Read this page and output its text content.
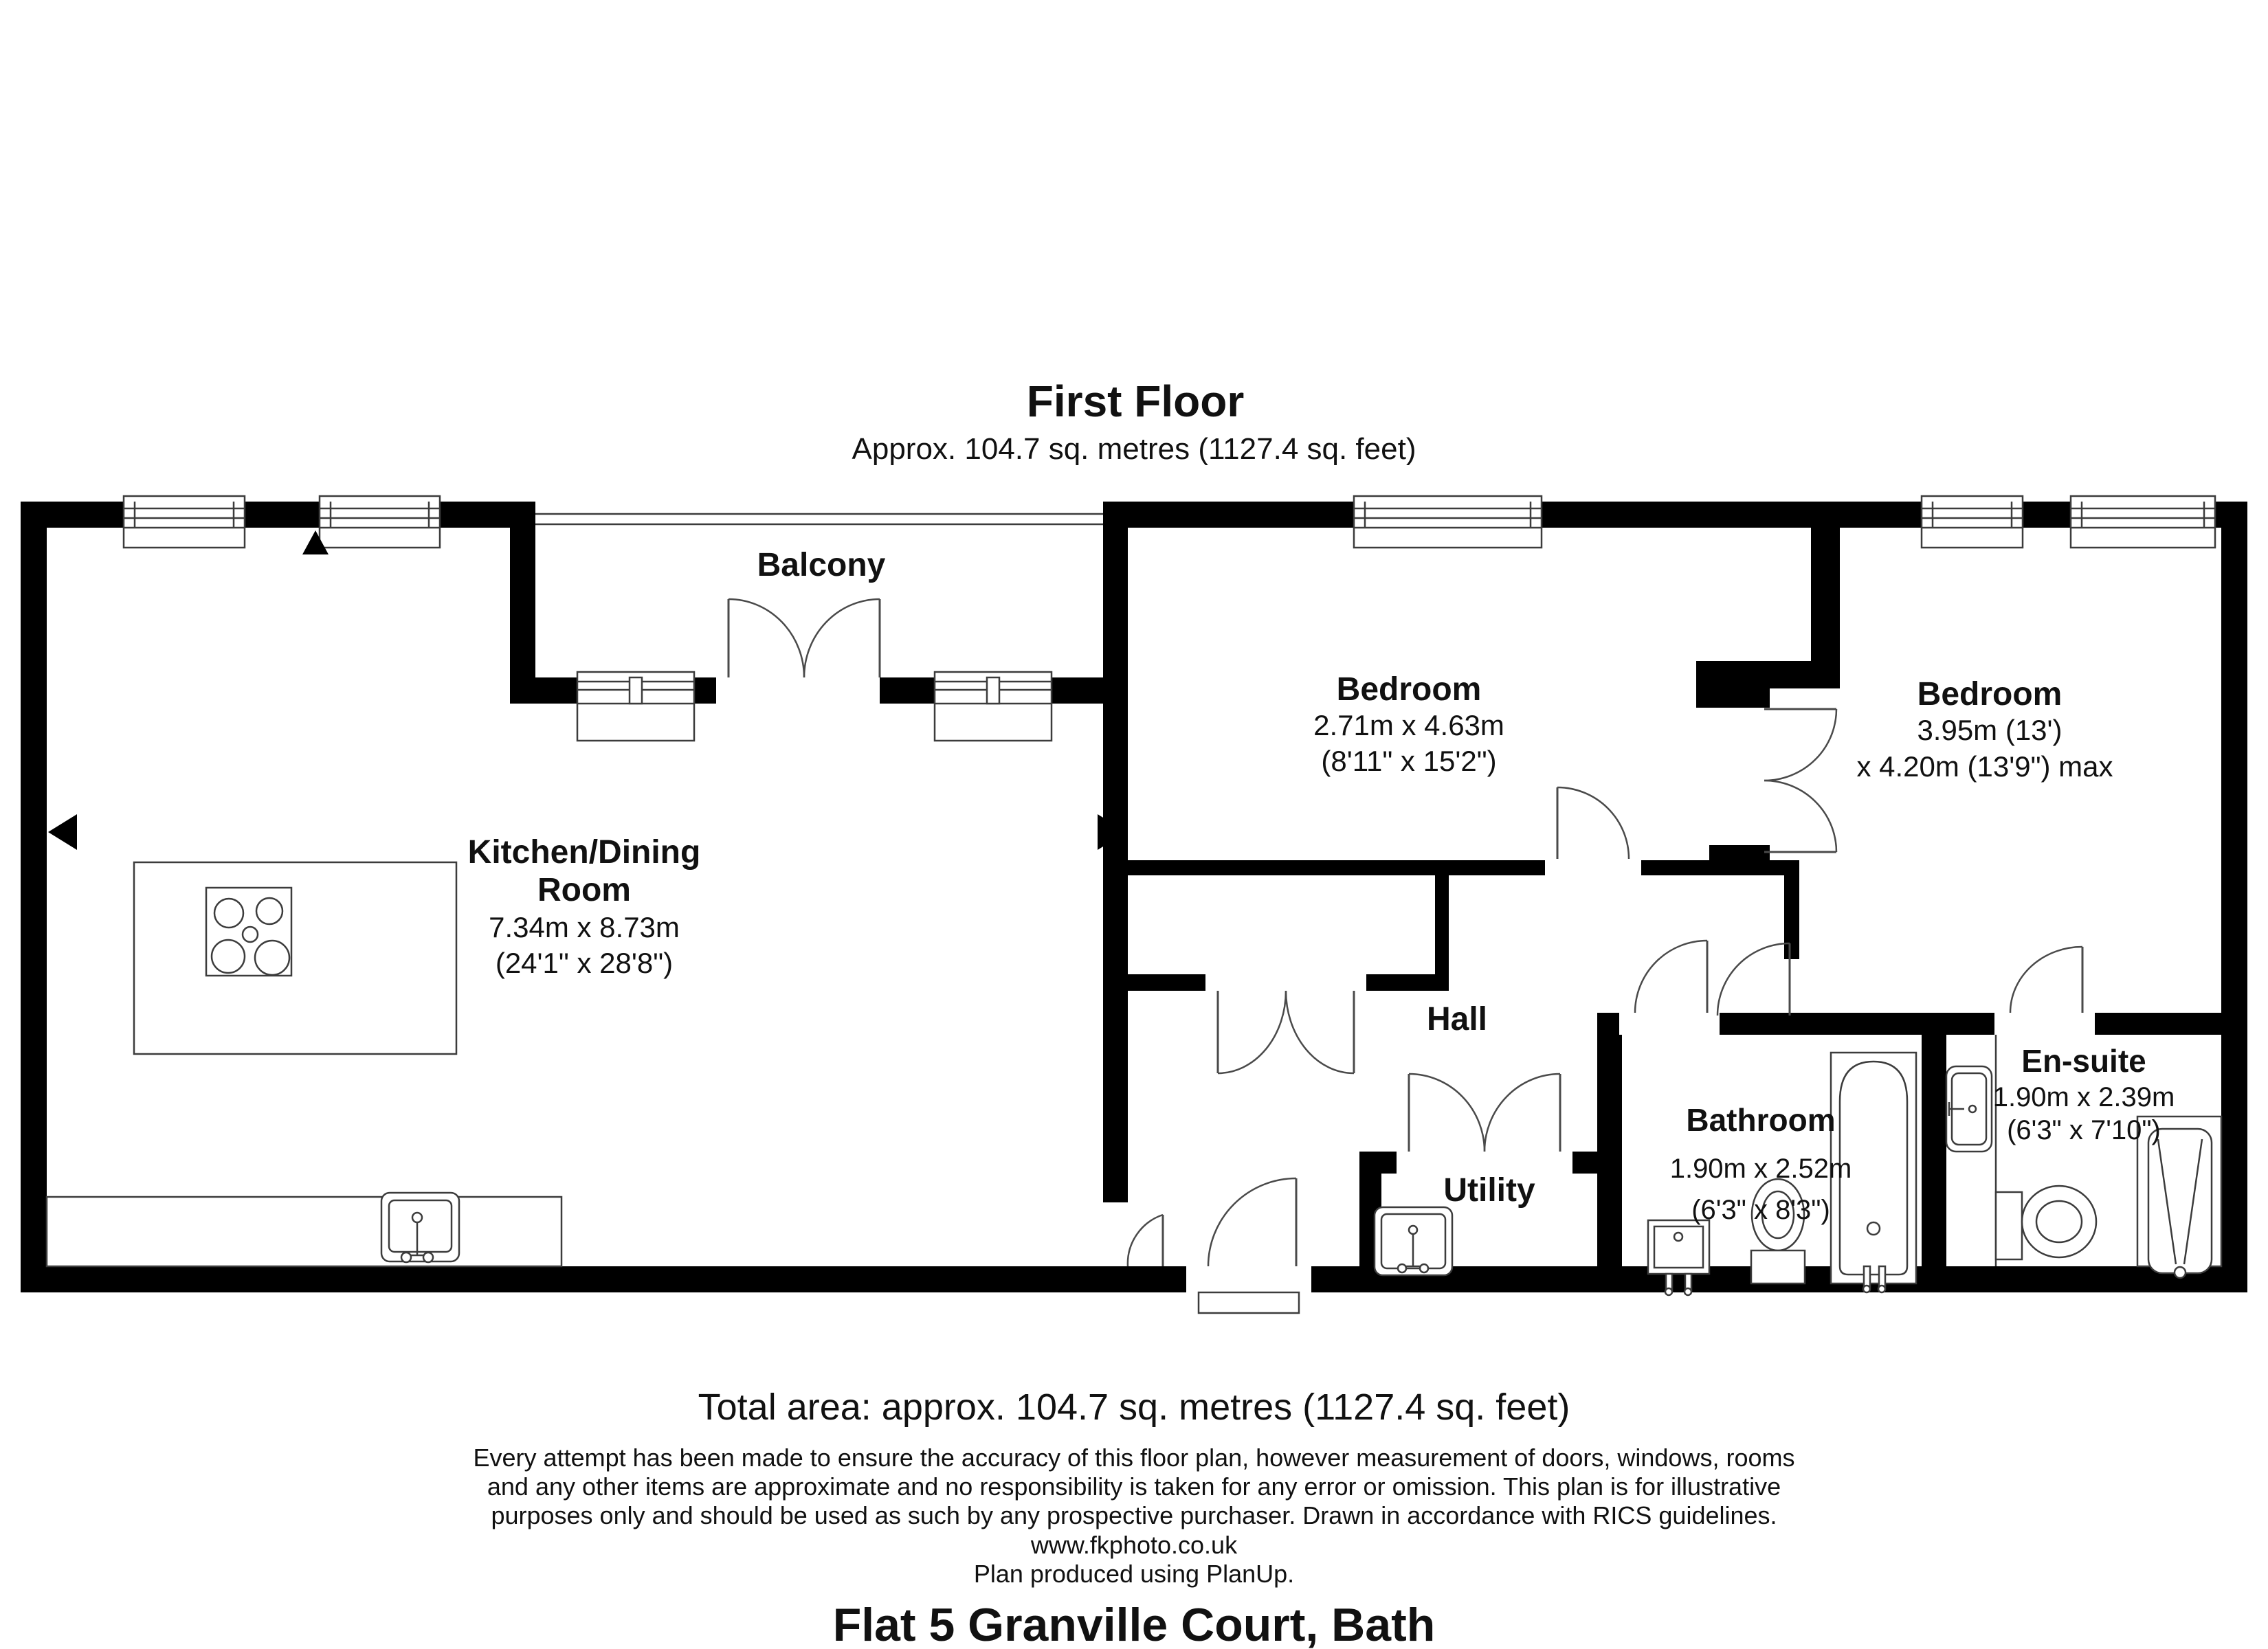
First Floor
Approx. 104.7 sq. metres (1127.4 sq. feet)
Balcony
Kitchen/Dining
Room
7.34m x 8.73m
(24'1" x 28'8")
Bedroom
2.71m x 4.63m
(8'11" x 15'2")
Bedroom
3.95m (13')
x 4.20m (13'9") max
Hall
Utility
Bathroom
1.90m x 2.52m
(6'3" x 8'3")
En-suite
1.90m x 2.39m
(6'3" x 7'10")
Total area: approx. 104.7 sq. metres (1127.4 sq. feet)
Every attempt has been made to ensure the accuracy of this floor plan, however measurement of doors, windows, rooms
and any other items are approximate and no responsibility is taken for any error or omission. This plan is for illustrative
purposes only and should be used as such by any prospective purchaser. Drawn in accordance with RICS guidelines.
www.fkphoto.co.uk
Plan produced using PlanUp.
Flat 5 Granville Court, Bath
